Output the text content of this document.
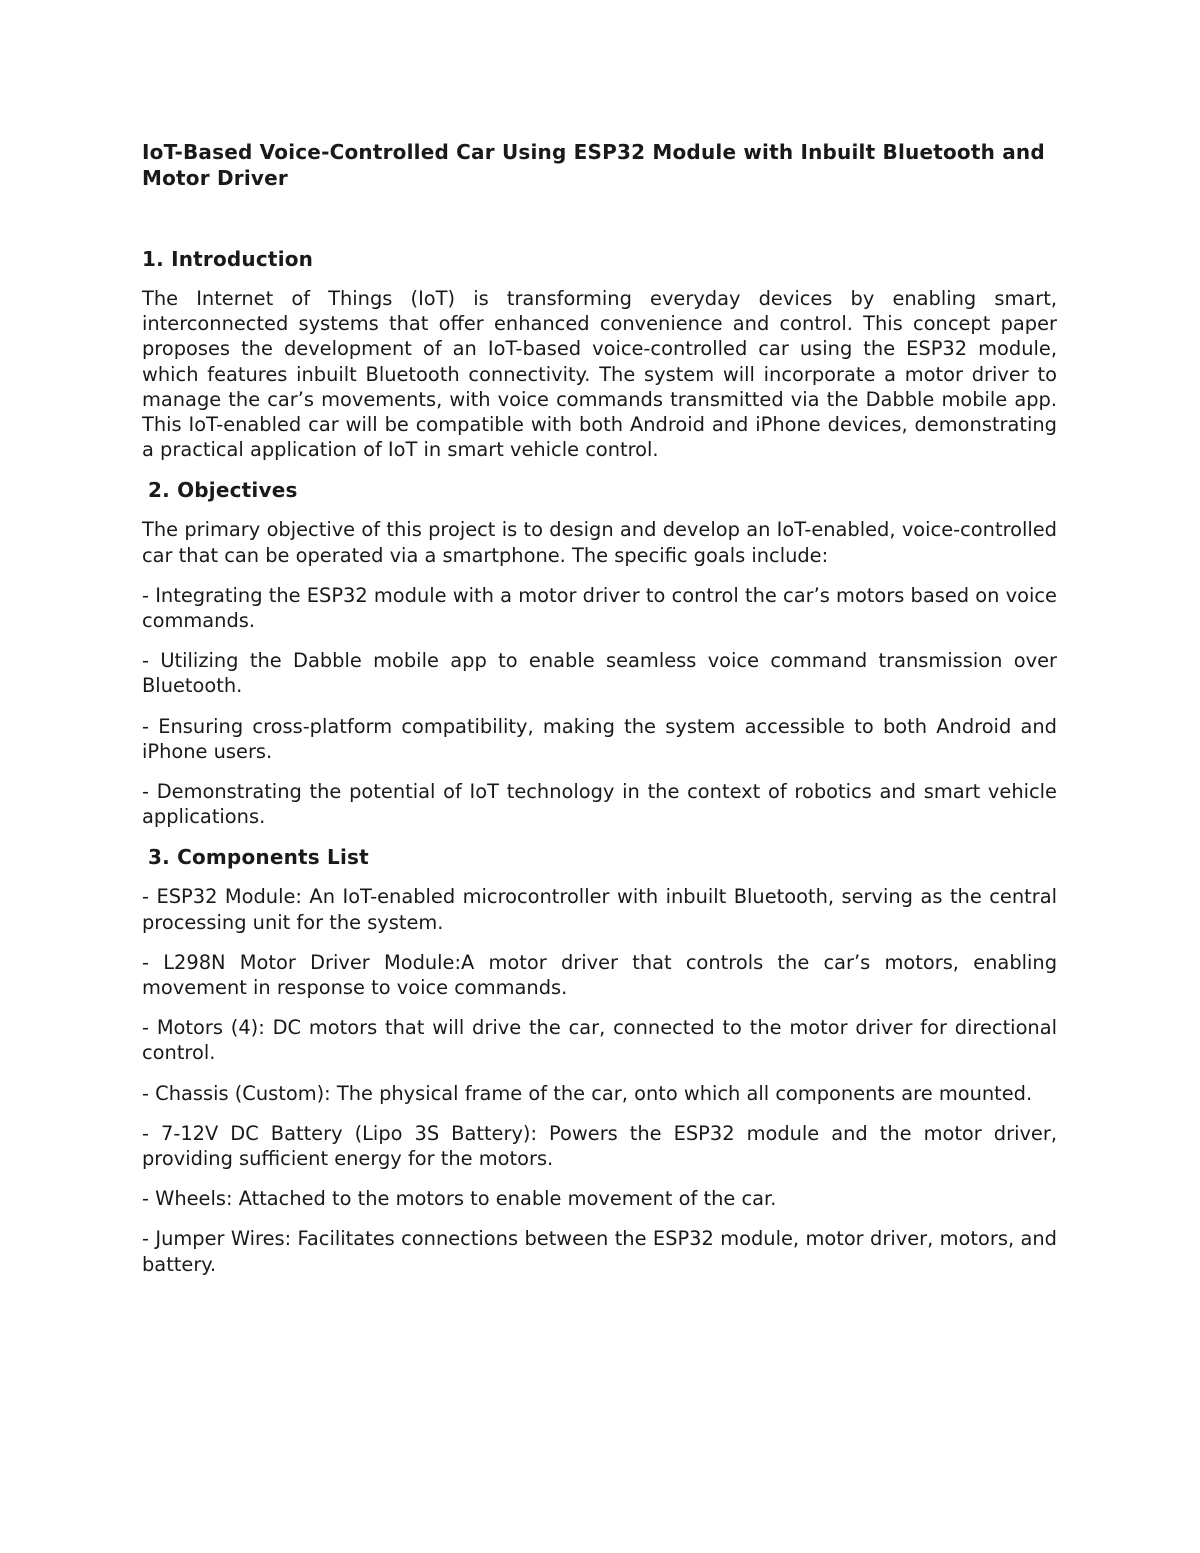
IoT-Based Voice-Controlled Car Using ESP32 Module with Inbuilt Bluetooth and Motor Driver
1. Introduction

The Internet of Things (IoT) is transforming everyday devices by enabling smart, interconnected systems that offer enhanced convenience and control. This concept paper proposes the development of an IoT-based voice-controlled car using the ESP32 module, which features inbuilt Bluetooth connectivity. The system will incorporate a motor driver to manage the car’s movements, with voice commands transmitted via the Dabble mobile app. This IoT-enabled car will be compatible with both Android and iPhone devices, demonstrating a practical application of IoT in smart vehicle control.

2. Objectives

The primary objective of this project is to design and develop an IoT-enabled, voice-controlled car that can be operated via a smartphone. The specific goals include:

- Integrating the ESP32 module with a motor driver to control the car’s motors based on voice commands.

- Utilizing the Dabble mobile app to enable seamless voice command transmission over Bluetooth.

- Ensuring cross-platform compatibility, making the system accessible to both Android and iPhone users.

- Demonstrating the potential of IoT technology in the context of robotics and smart vehicle applications.

3. Components List

- ESP32 Module: An IoT-enabled microcontroller with inbuilt Bluetooth, serving as the central processing unit for the system.

- L298N Motor Driver Module:A motor driver that controls the car’s motors, enabling movement in response to voice commands.

- Motors (4): DC motors that will drive the car, connected to the motor driver for directional control.

- Chassis (Custom): The physical frame of the car, onto which all components are mounted.

- 7-12V DC Battery (Lipo 3S Battery): Powers the ESP32 module and the motor driver, providing sufficient energy for the motors.

- Wheels: Attached to the motors to enable movement of the car.

- Jumper Wires: Facilitates connections between the ESP32 module, motor driver, motors, and battery.
